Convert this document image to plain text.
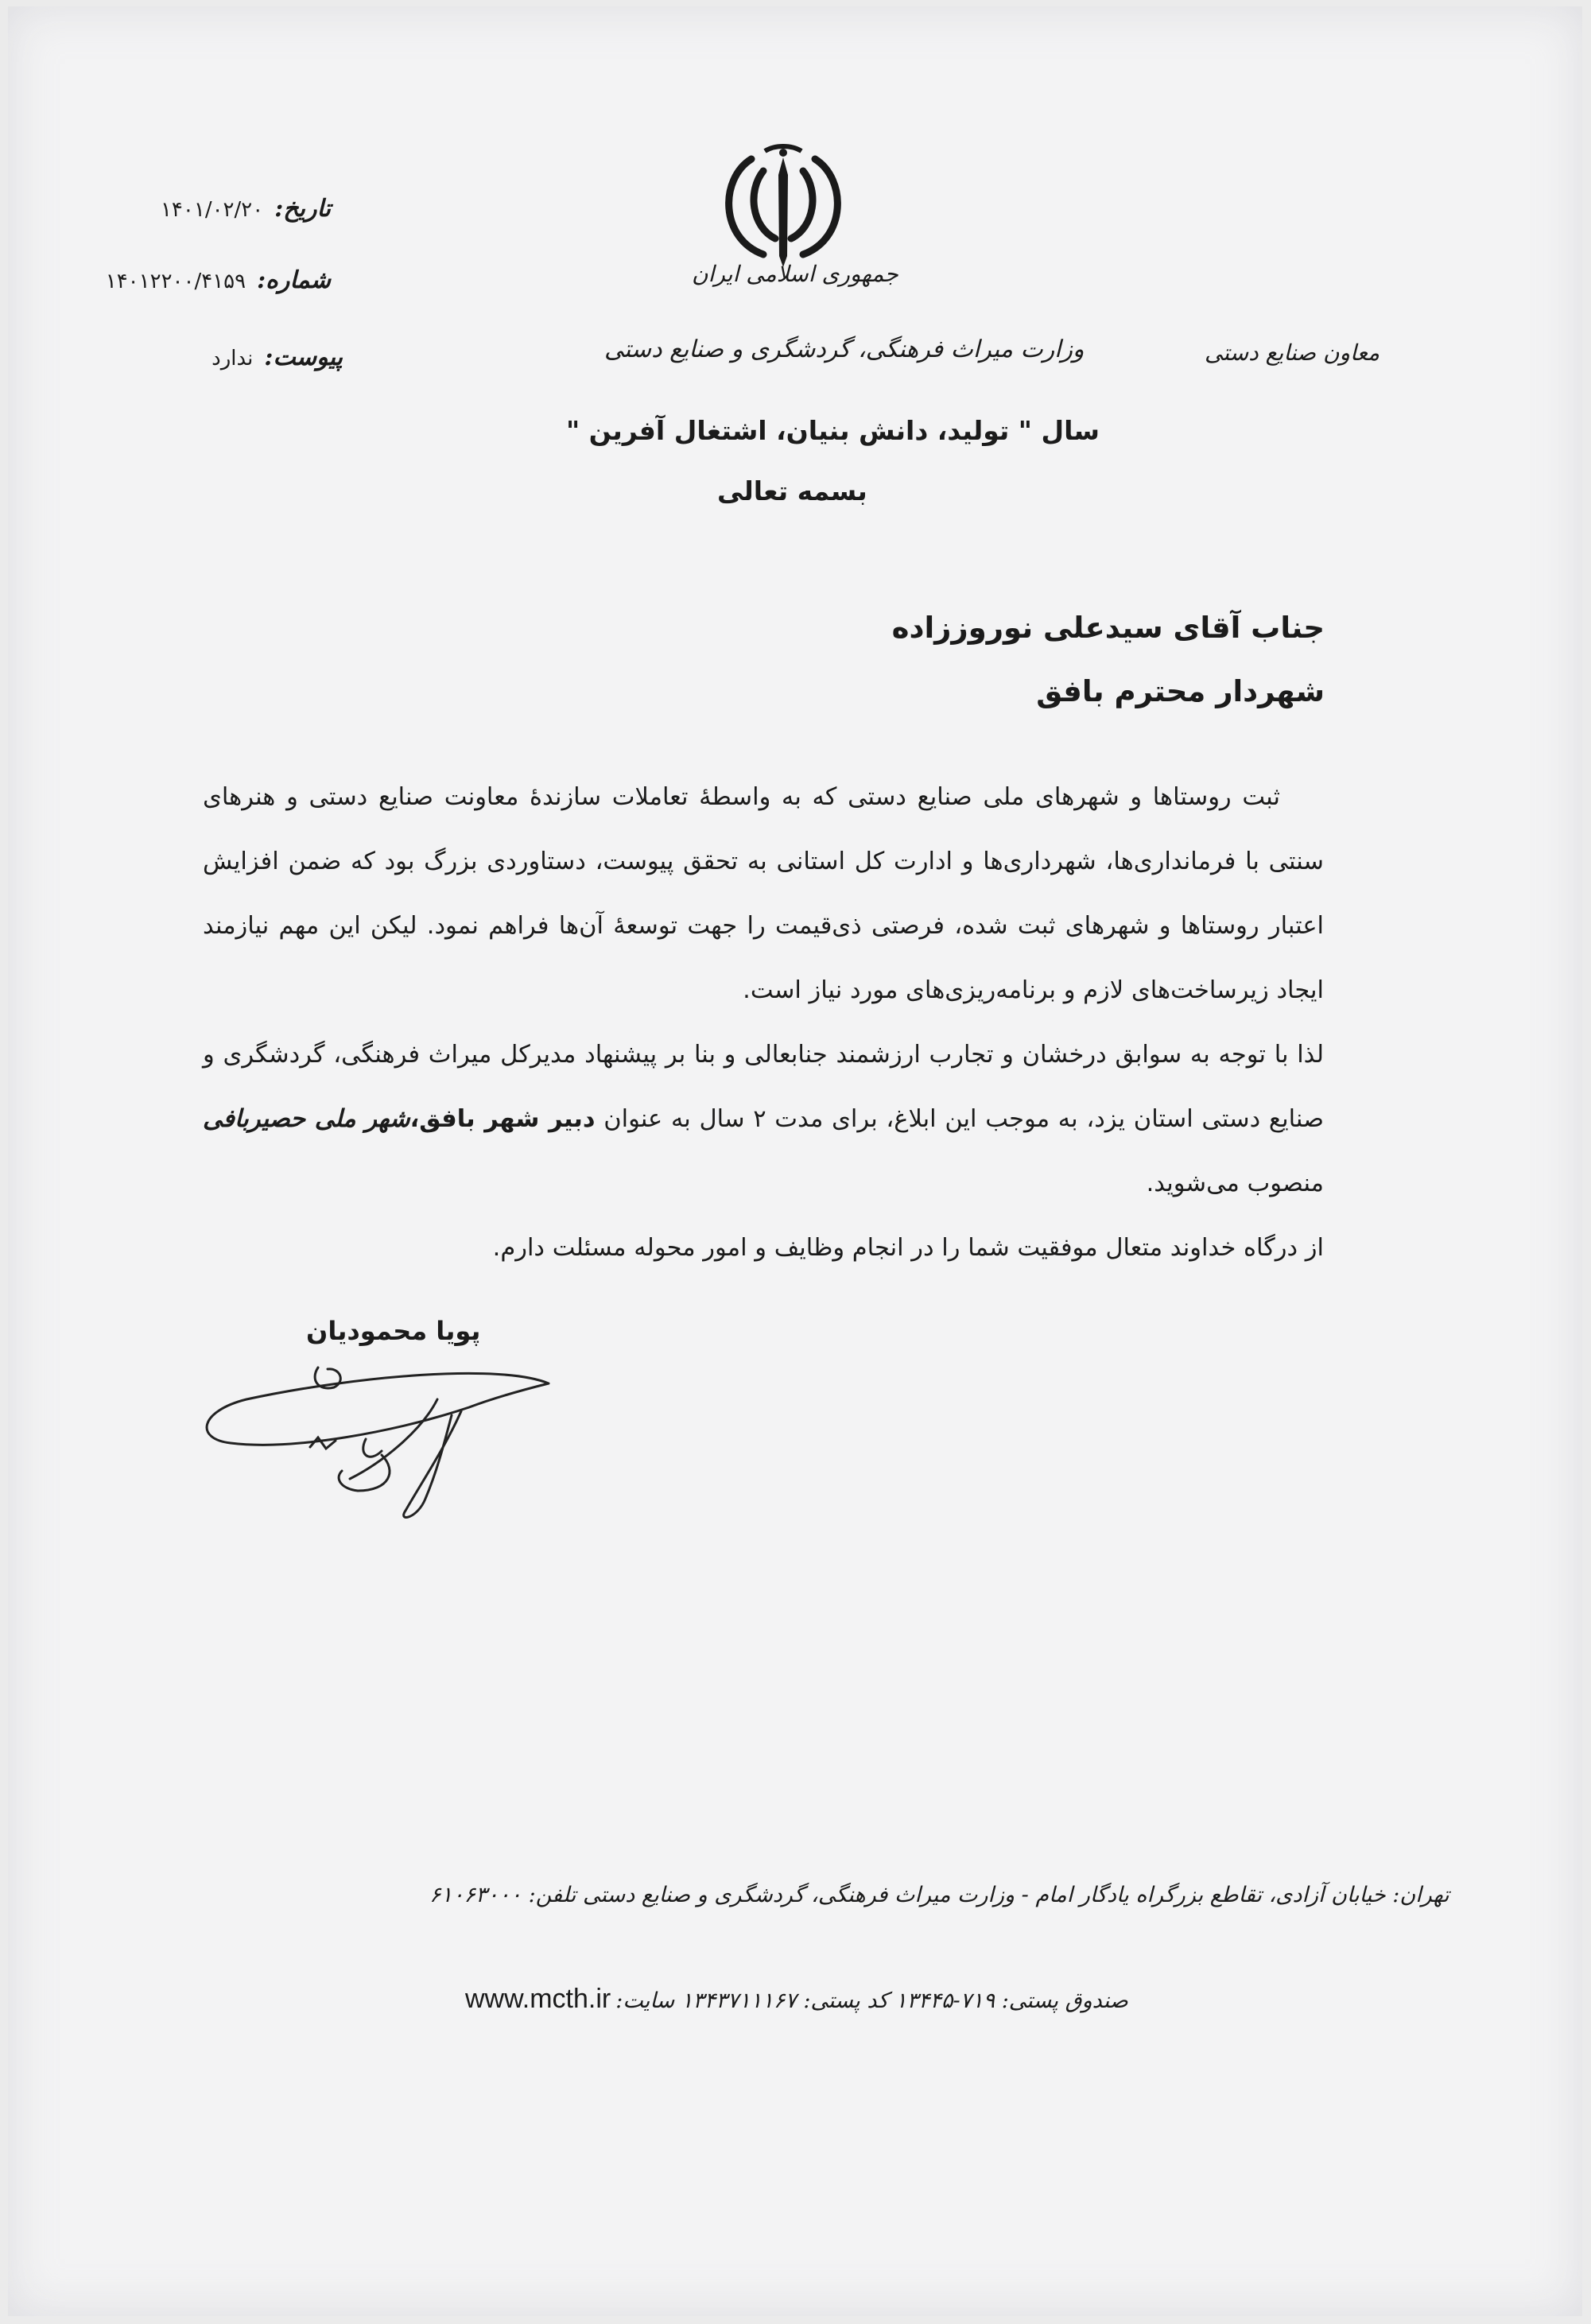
جمهوری اسلامی ایران
وزارت میراث فرهنگی، گردشگری و صنایع دستی	معاون صنایع دستی
تاریخ:
۱۴۰۱/۰۲/۲۰
شماره:
۱۴۰۱۲۲۰۰/۴۱۵۹
پیوست:
ندارد
سال " تولید، دانش بنیان، اشتغال آفرین "
بسمه تعالی
جناب آقای سیدعلی نوروززاده
شهردار محترم بافق

ثبت روستاها و شهرهای ملی صنایع دستی که به واسطهٔ تعاملات سازندهٔ معاونت صنایع دستی و هنرهای سنتی با فرمانداری‌ها، شهرداری‌ها و ادارت کل استانی به تحقق پیوست، دستاوردی بزرگ بود که ضمن افزایش اعتبار روستاها و شهرهای ثبت شده، فرصتی ذی‌قیمت را جهت توسعهٔ آن‌ها فراهم نمود. لیکن این مهم نیازمند ایجاد زیرساخت‌های لازم و برنامه‌ریزی‌های مورد نیاز است.

لذا با توجه به سوابق درخشان و تجارب ارزشمند جنابعالی و بنا بر پیشنهاد مدیرکل میراث فرهنگی، گردشگری و صنایع دستی استان یزد، به موجب این ابلاغ، برای مدت ۲ سال به عنوان دبیر شهر بافق،شهر ملی حصیربافی منصوب می‌شوید.

از درگاه خداوند متعال موفقیت شما را در انجام وظایف و امور محوله مسئلت دارم.

پویا محمودیان
تهران: خیابان آزادی، تقاطع بزرگراه یادگار امام - وزارت میراث فرهنگی، گردشگری و صنایع دستی تلفن: ۶۱۰۶۳۰۰۰
صندوق پستی: ۷۱۹-۱۳۴۴۵ کد پستی: ۱۳۴۳۷۱۱۱۶۷ سایت:
www.mcth.ir
